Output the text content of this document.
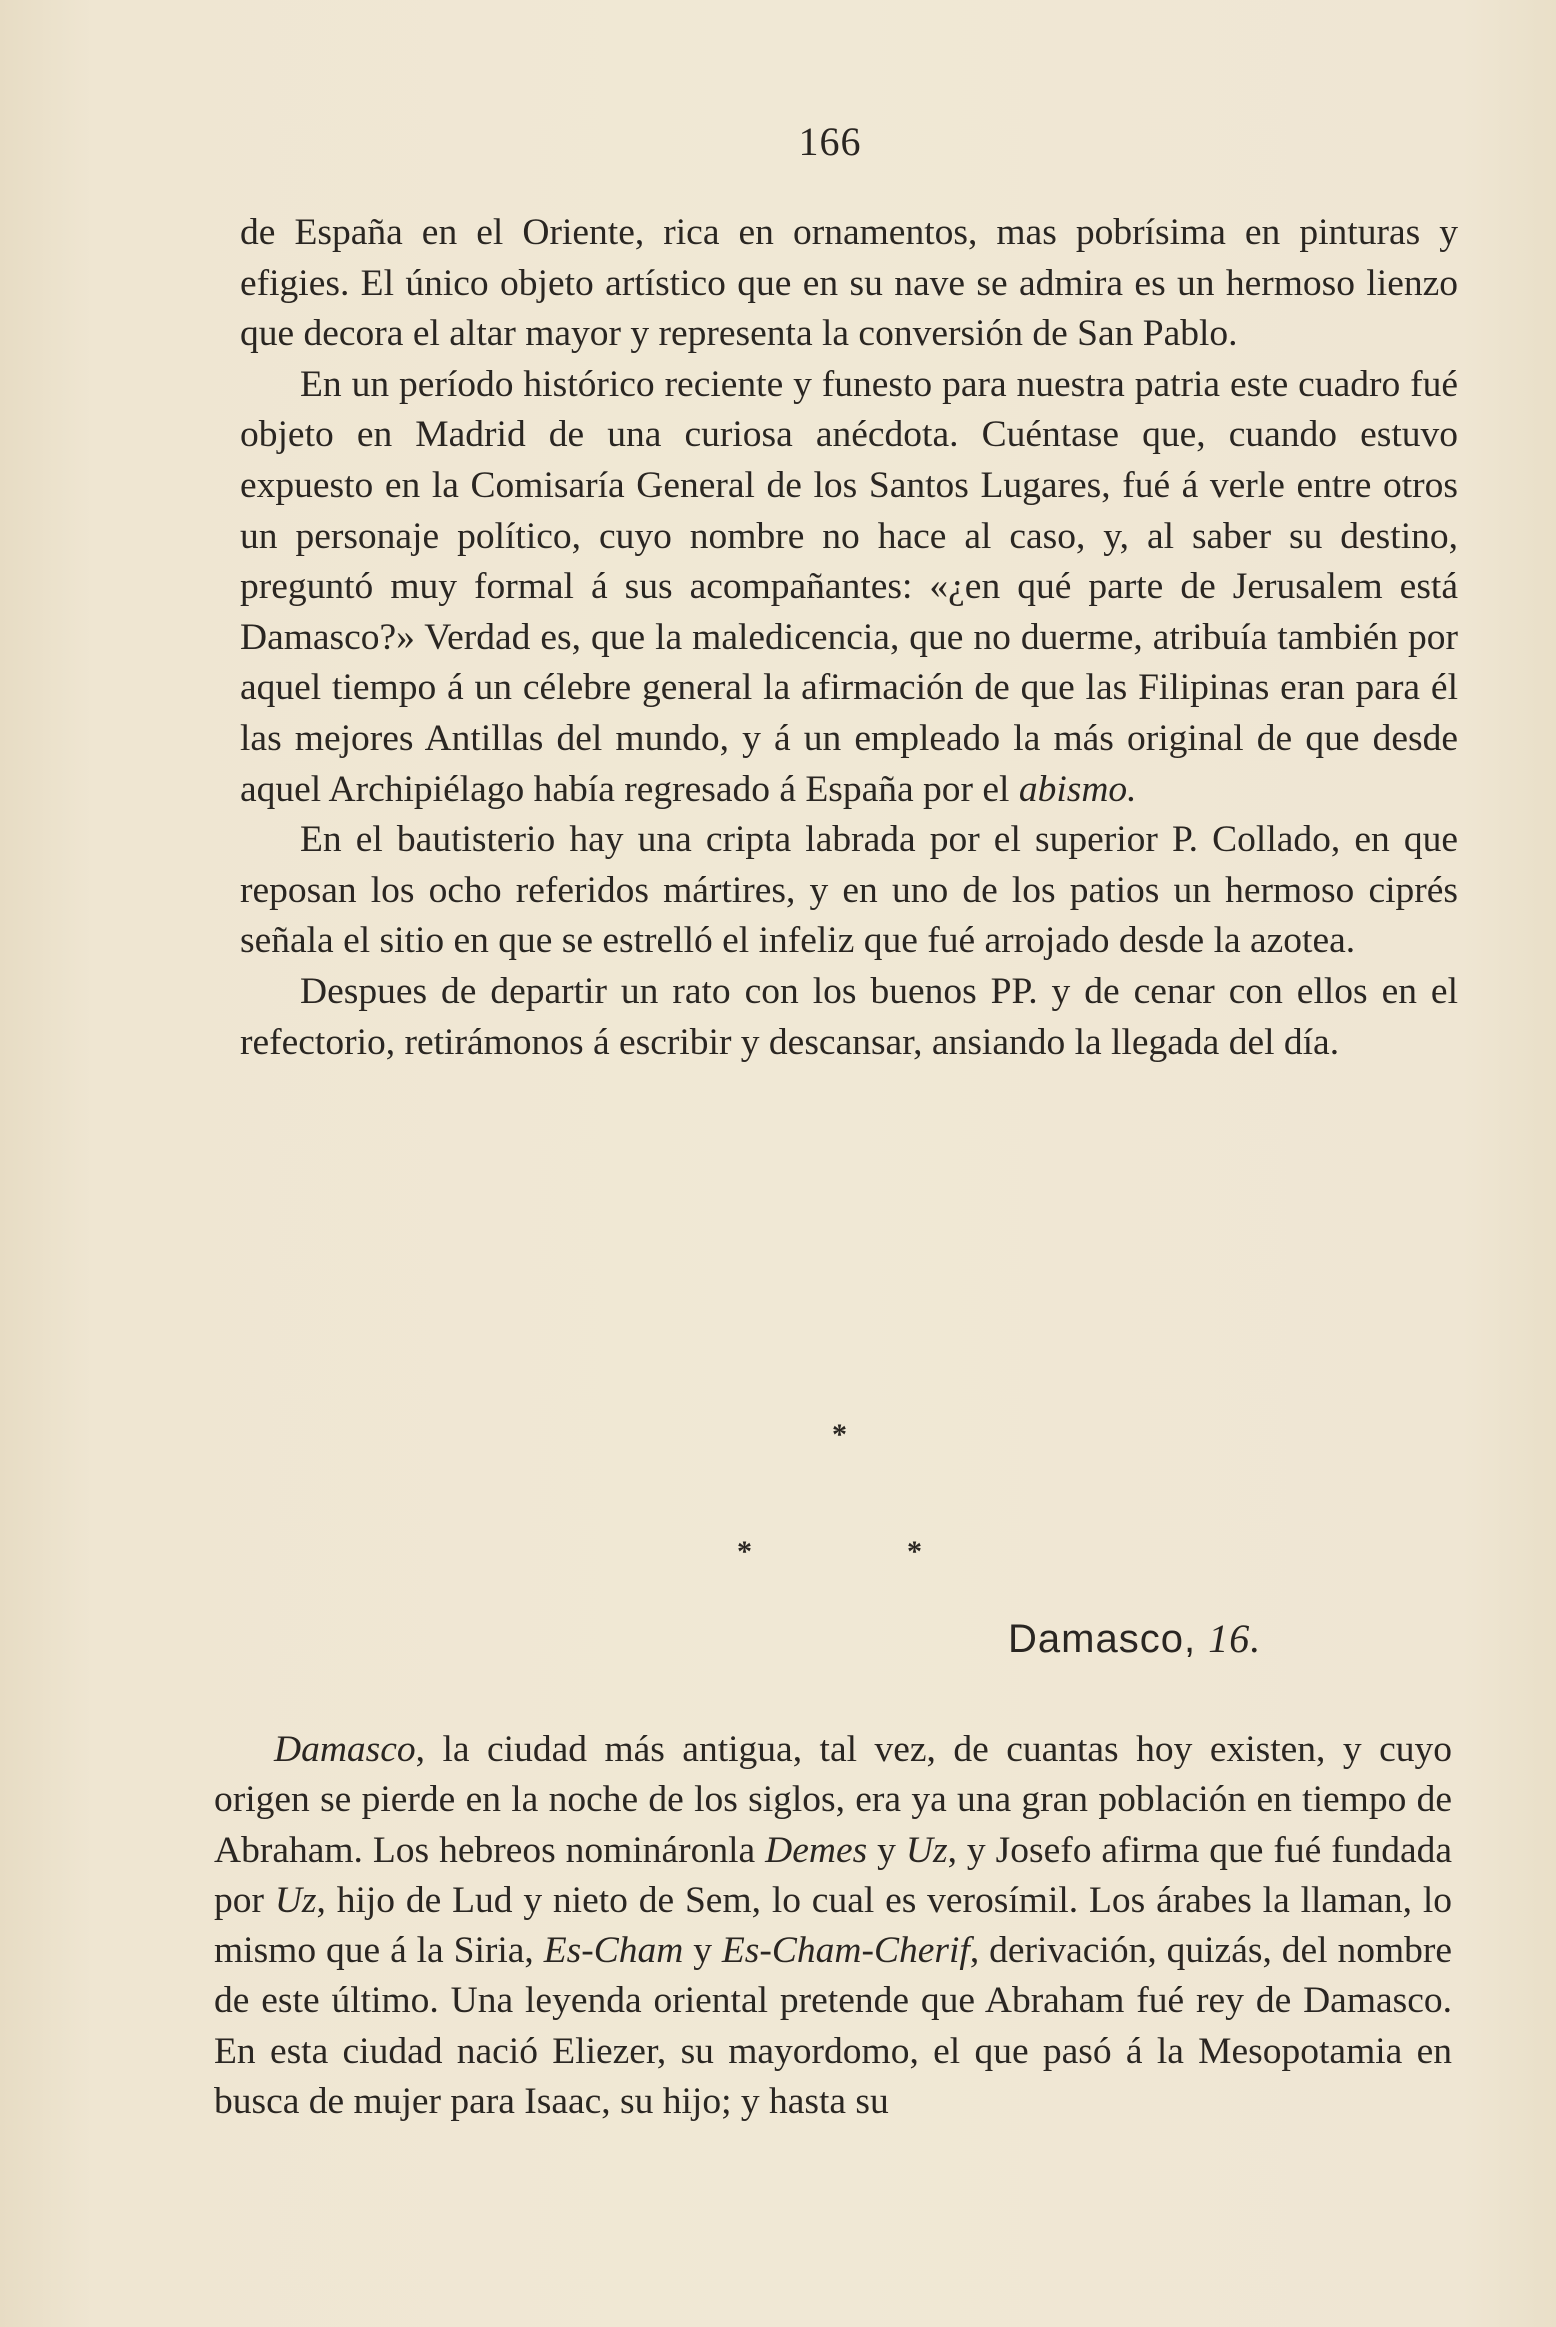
166

de España en el Oriente, rica en ornamentos, mas pobrísima en pinturas y efigies. El único objeto artístico que en su nave se admira es un hermoso lienzo que decora el altar mayor y representa la conversión de San Pablo.

En un período histórico reciente y funesto para nuestra patria este cuadro fué objeto en Madrid de una curiosa anécdota. Cuéntase que, cuando estuvo expuesto en la Comisaría General de los Santos Lugares, fué á verle entre otros un personaje político, cuyo nombre no hace al caso, y, al saber su destino, preguntó muy formal á sus acompañantes: «¿en qué parte de Jerusalem está Damasco?» Verdad es, que la maledicencia, que no duerme, atribuía también por aquel tiempo á un célebre general la afirmación de que las Filipinas eran para él las mejores Antillas del mundo, y á un empleado la más original de que desde aquel Archipiélago había regresado á España por el abismo.

En el bautisterio hay una cripta labrada por el superior P. Collado, en que reposan los ocho referidos mártires, y en uno de los patios un hermoso ciprés señala el sitio en que se estrelló el infeliz que fué arrojado desde la azotea.

Despues de departir un rato con los buenos PP. y de cenar con ellos en el refectorio, retirámonos á escribir y descansar, ansiando la llegada del día.

*
*	*
Damasco, 16.

Damasco, la ciudad más antigua, tal vez, de cuantas hoy existen, y cuyo origen se pierde en la noche de los siglos, era ya una gran población en tiempo de Abraham. Los hebreos nomináronla Demes y Uz, y Josefo afirma que fué fundada por Uz, hijo de Lud y nieto de Sem, lo cual es verosímil. Los árabes la llaman, lo mismo que á la Siria, Es-Cham y Es-Cham-Cherif, derivación, quizás, del nombre de este último. Una leyenda oriental pretende que Abraham fué rey de Damasco. En esta ciudad nació Eliezer, su mayordomo, el que pasó á la Mesopotamia en busca de mujer para Isaac, su hijo; y hasta su
